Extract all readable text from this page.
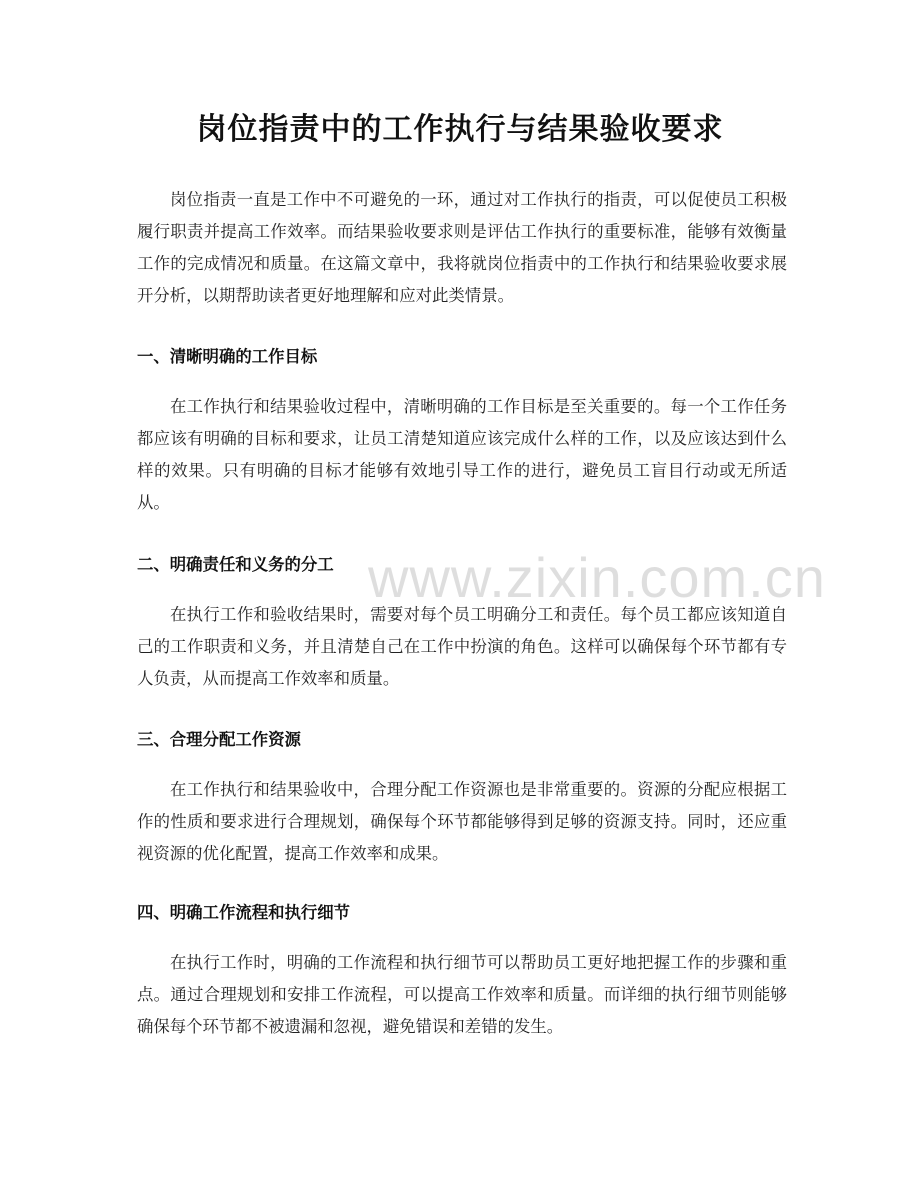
岗位指责中的工作执行与结果验收要求

岗位指责一直是工作中不可避免的一环，通过对工作执行的指责，可以促使员工积极履行职责并提高工作效率。而结果验收要求则是评估工作执行的重要标准，能够有效衡量工作的完成情况和质量。在这篇文章中，我将就岗位指责中的工作执行和结果验收要求展开分析，以期帮助读者更好地理解和应对此类情景。

一、清晰明确的工作目标

在工作执行和结果验收过程中，清晰明确的工作目标是至关重要的。每一个工作任务都应该有明确的目标和要求，让员工清楚知道应该完成什么样的工作，以及应该达到什么样的效果。只有明确的目标才能够有效地引导工作的进行，避免员工盲目行动或无所适从。

二、明确责任和义务的分工

在执行工作和验收结果时，需要对每个员工明确分工和责任。每个员工都应该知道自己的工作职责和义务，并且清楚自己在工作中扮演的角色。这样可以确保每个环节都有专人负责，从而提高工作效率和质量。

三、合理分配工作资源

在工作执行和结果验收中，合理分配工作资源也是非常重要的。资源的分配应根据工作的性质和要求进行合理规划，确保每个环节都能够得到足够的资源支持。同时，还应重视资源的优化配置，提高工作效率和成果。

四、明确工作流程和执行细节

在执行工作时，明确的工作流程和执行细节可以帮助员工更好地把握工作的步骤和重点。通过合理规划和安排工作流程，可以提高工作效率和质量。而详细的执行细节则能够确保每个环节都不被遗漏和忽视，避免错误和差错的发生。

www.zixin.com.cn
